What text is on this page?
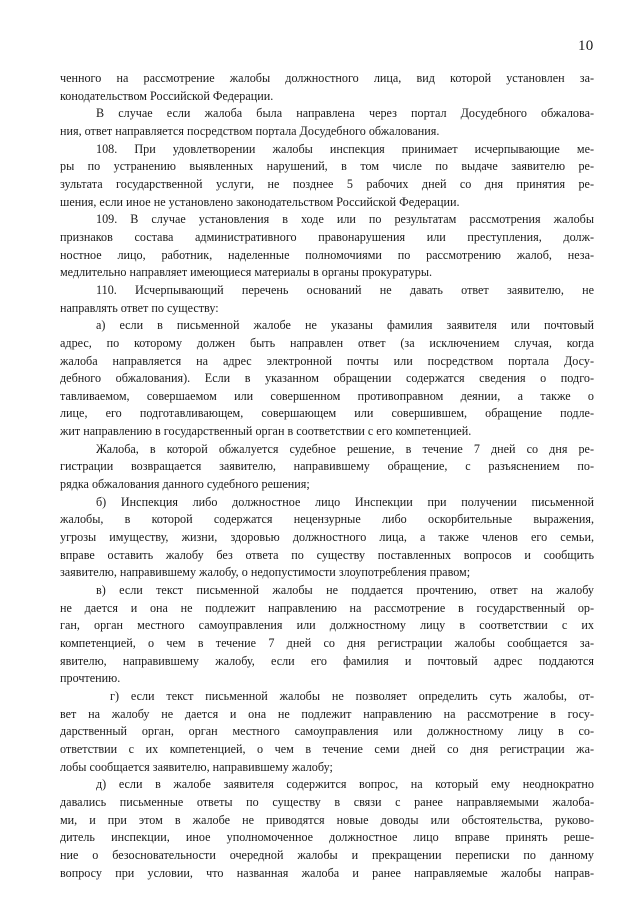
10

ченного на рассмотрение жалобы должностного лица, вид которой установлен за-
конодательством Российской Федерации.

В случае если жалоба была направлена через портал Досудебного обжалова-
ния, ответ направляется посредством портала Досудебного обжалования.

108. При удовлетворении жалобы инспекция принимает исчерпывающие ме-
ры по устранению выявленных нарушений, в том числе по выдаче заявителю ре-
зультата государственной услуги, не позднее 5 рабочих дней со дня принятия ре-
шения, если иное не установлено законодательством Российской Федерации.

109. В случае установления в ходе или по результатам рассмотрения жалобы
признаков состава административного правонарушения или преступления, долж-
ностное лицо, работник, наделенные полномочиями по рассмотрению жалоб, неза-
медлительно направляет имеющиеся материалы в органы прокуратуры.

110. Исчерпывающий перечень оснований не давать ответ заявителю, не
направлять ответ по существу:

а) если в письменной жалобе не указаны фамилия заявителя или почтовый
адрес, по которому должен быть направлен ответ (за исключением случая, когда
жалоба направляется на адрес электронной почты или посредством портала Досу-
дебного обжалования). Если в указанном обращении содержатся сведения о подго-
тавливаемом, совершаемом или совершенном противоправном деянии, а также о
лице, его подготавливающем, совершающем или совершившем, обращение подле-
жит направлению в государственный орган в соответствии с его компетенцией.

Жалоба, в которой обжалуется судебное решение, в течение 7 дней со дня ре-
гистрации возвращается заявителю, направившему обращение, с разъяснением по-
рядка обжалования данного судебного решения;

б) Инспекция либо должностное лицо Инспекции при получении письменной
жалобы, в которой содержатся нецензурные либо оскорбительные выражения,
угрозы имуществу, жизни, здоровью должностного лица, а также членов его семьи,
вправе оставить жалобу без ответа по существу поставленных вопросов и сообщить
заявителю, направившему жалобу, о недопустимости злоупотребления правом;

в) если текст письменной жалобы не поддается прочтению, ответ на жалобу
не дается и она не подлежит направлению на рассмотрение в государственный ор-
ган, орган местного самоуправления или должностному лицу в соответствии с их
компетенцией, о чем в течение 7 дней со дня регистрации жалобы сообщается за-
явителю, направившему жалобу, если его фамилия и почтовый адрес поддаются
прочтению.

г) если текст письменной жалобы не позволяет определить суть жалобы, от-
вет на жалобу не дается и она не подлежит направлению на рассмотрение в госу-
дарственный орган, орган местного самоуправления или должностному лицу в со-
ответствии с их компетенцией, о чем в течение семи дней со дня регистрации жа-
лобы сообщается заявителю, направившему жалобу;

д) если в жалобе заявителя содержится вопрос, на который ему неоднократно
давались письменные ответы по существу в связи с ранее направляемыми жалоба-
ми, и при этом в жалобе не приводятся новые доводы или обстоятельства, руково-
дитель инспекции, иное уполномоченное должностное лицо вправе принять реше-
ние о безосновательности очередной жалобы и прекращении переписки по данному
вопросу при условии, что названная жалоба и ранее направляемые жалобы направ-
